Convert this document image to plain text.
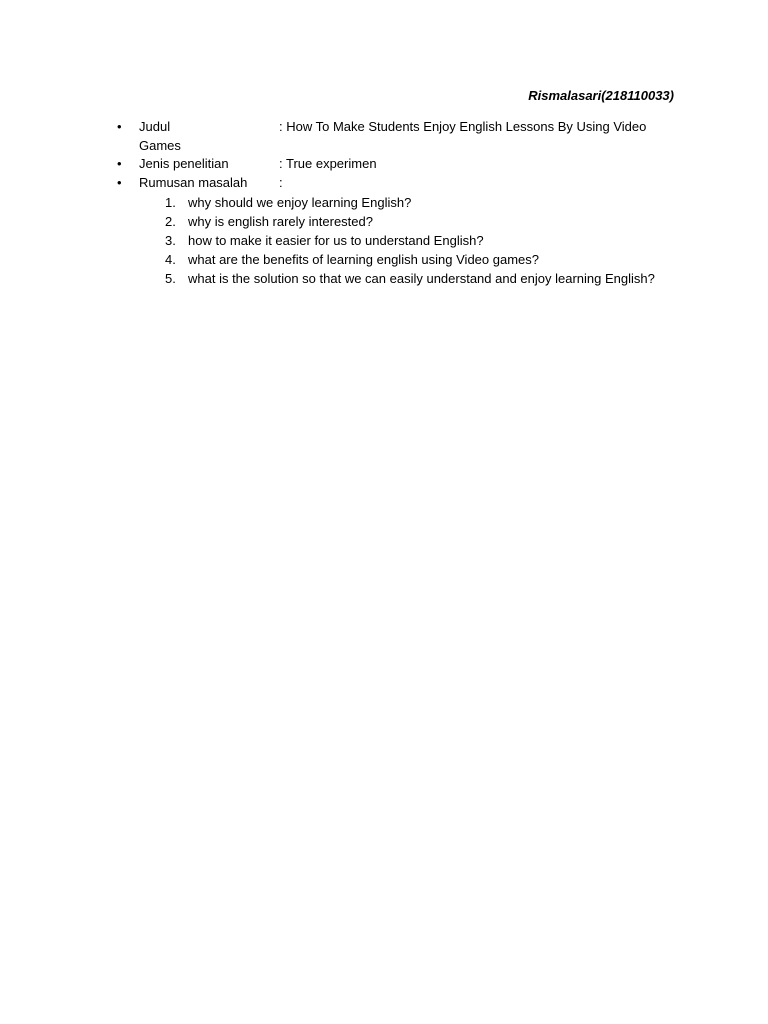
Rismalasari(218110033)
• Judul	: How To Make Students Enjoy English Lessons By Using Video
Games
• Jenis penelitian	: True experimen
• Rumusan masalah :
1. why should we enjoy learning English?
2. why is english rarely interested?
3. how to make it easier for us to understand English?
4. what are the benefits of learning english using Video games?
5. what is the solution so that we can easily understand and enjoy learning English?
